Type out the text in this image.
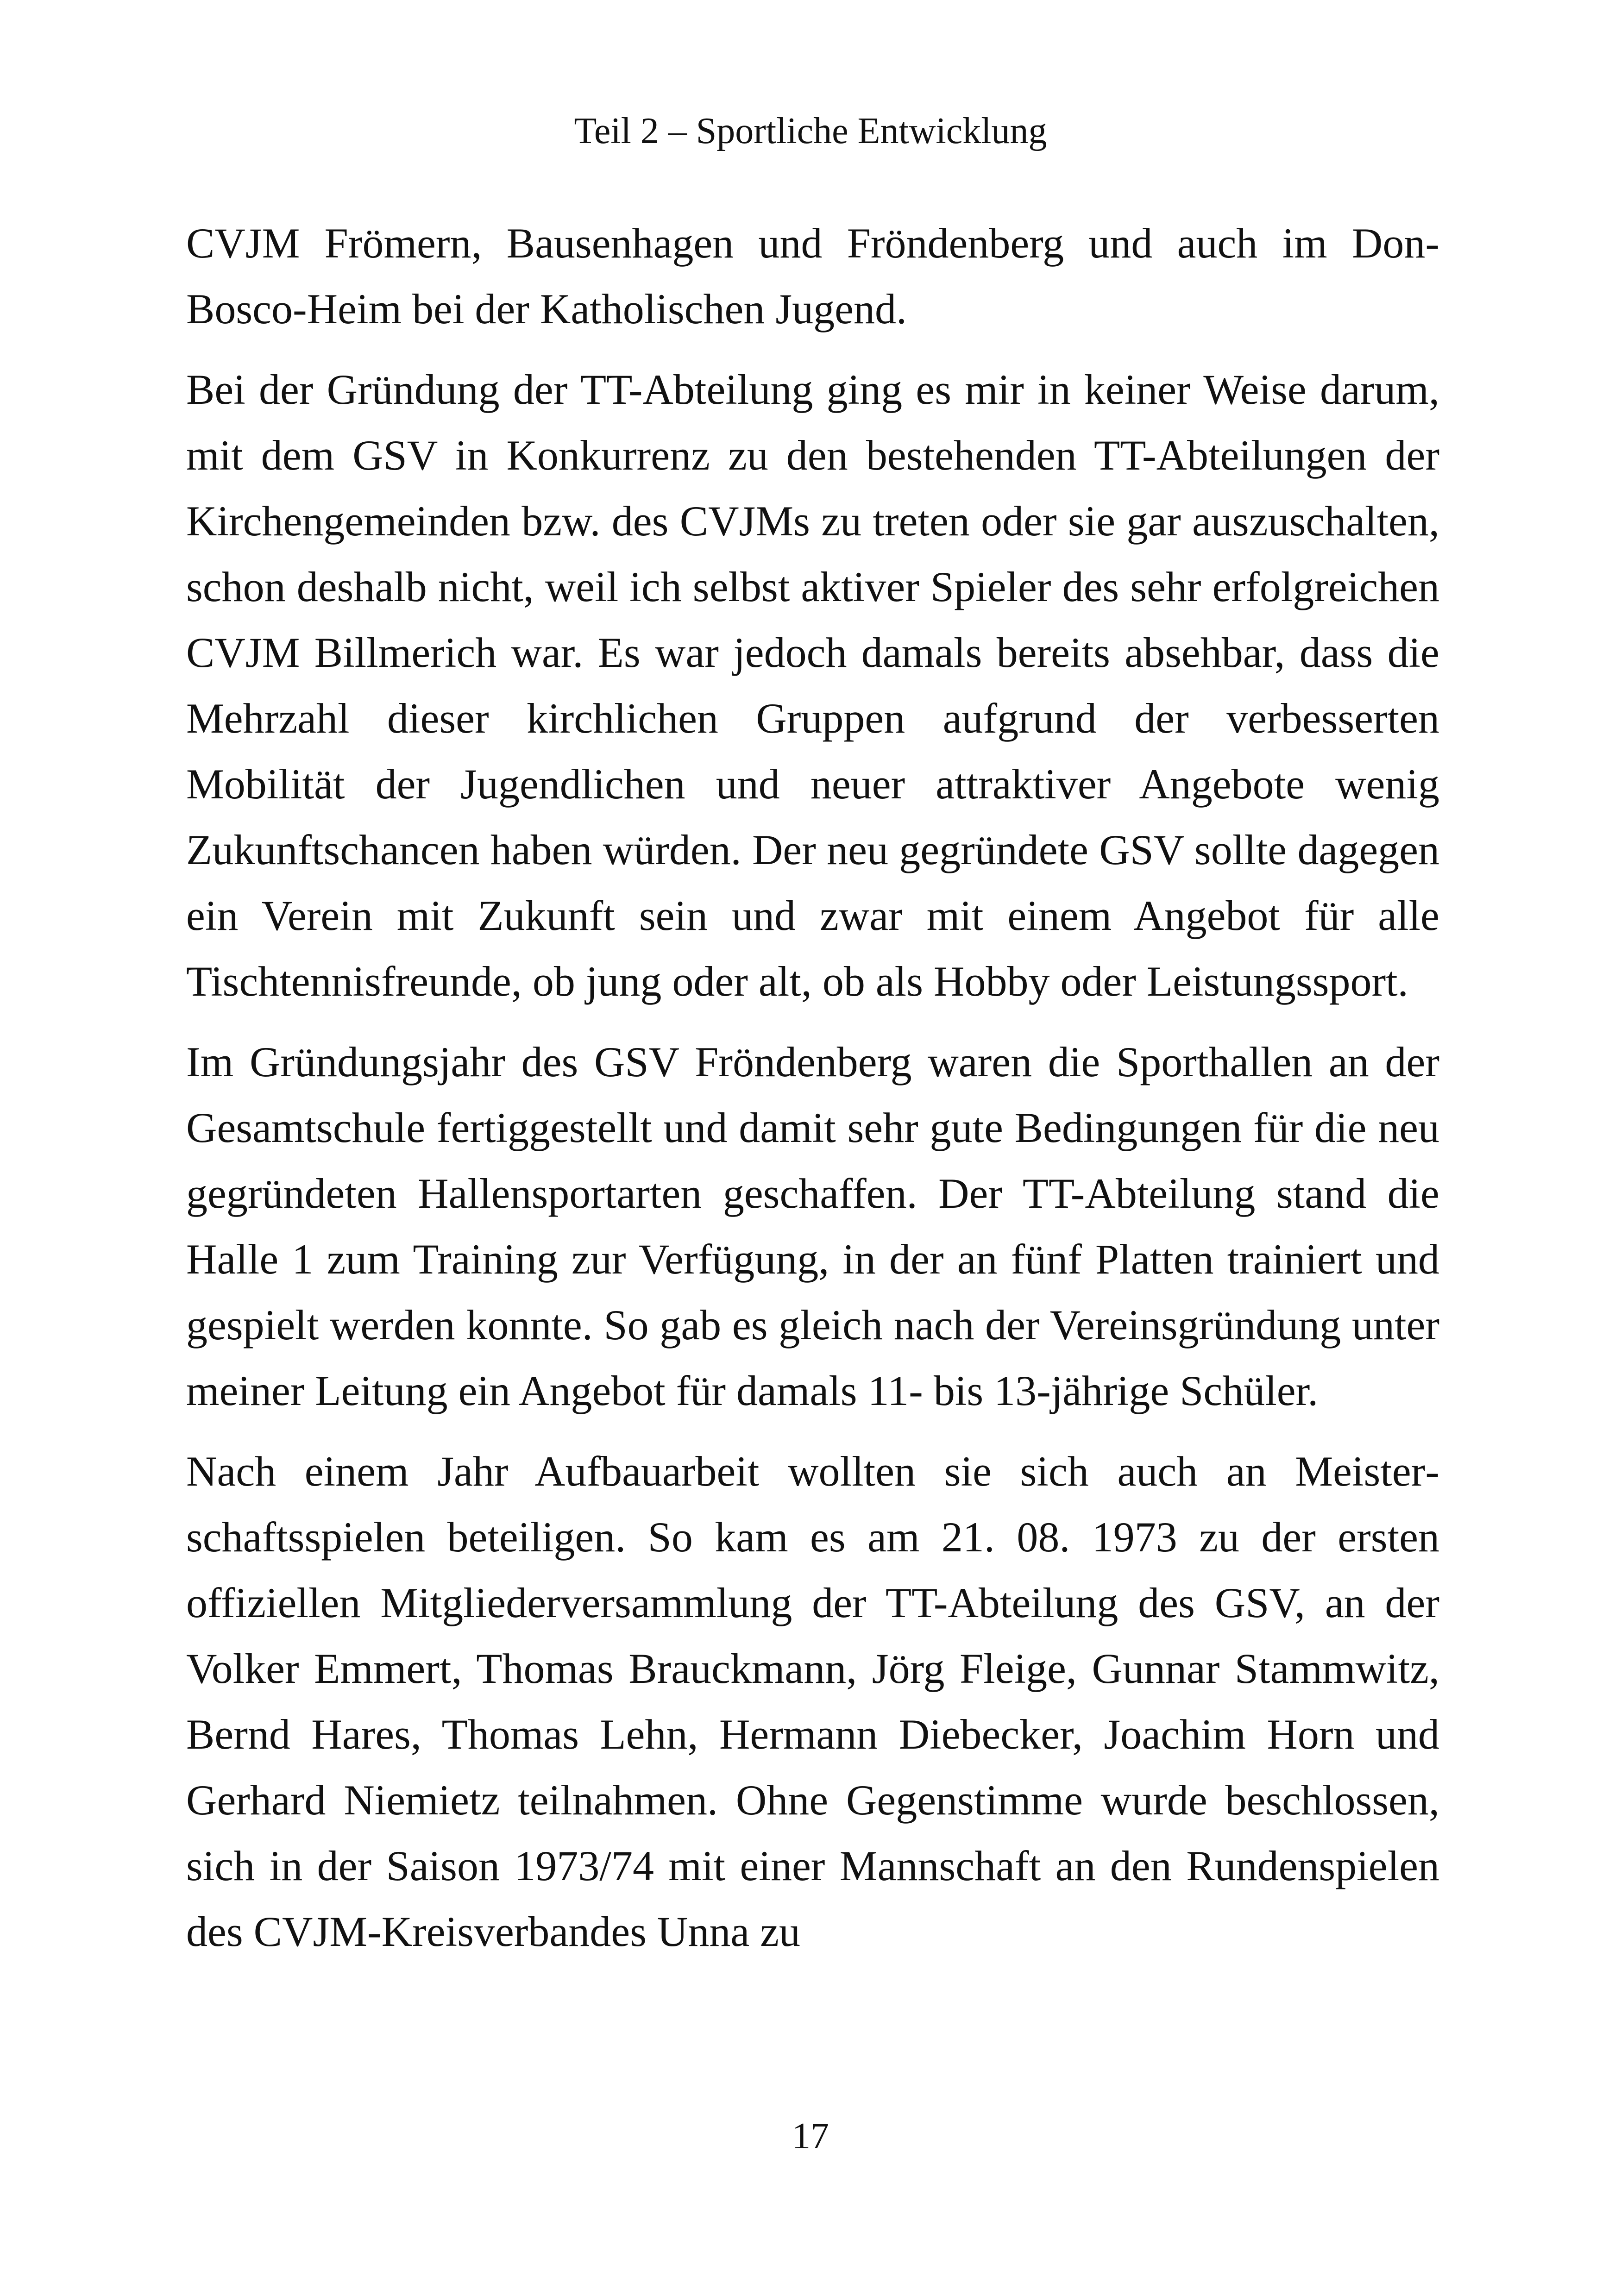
Teil 2 – Sportliche Entwicklung

CVJM Frömern, Bausenhagen und Fröndenberg und auch im Don-Bosco-Heim bei der Katholischen Jugend.

Bei der Gründung der TT-Abteilung ging es mir in keiner Weise darum, mit dem GSV in Konkurrenz zu den bestehenden TT-Abteilungen der Kirchengemeinden bzw. des CVJMs zu treten oder sie gar auszuschalten, schon deshalb nicht, weil ich selbst aktiver Spieler des sehr erfolgreichen CVJM Billmerich war. Es war jedoch damals bereits absehbar, dass die Mehrzahl dieser kirchlichen Gruppen aufgrund der verbesserten Mobilität der Jugendlichen und neuer attraktiver Angebote wenig Zukunftschancen haben würden. Der neu gegründete GSV sollte dagegen ein Verein mit Zukunft sein und zwar mit einem Angebot für alle Tischtennisfreunde, ob jung oder alt, ob als Hobby oder Leistungssport.

Im Gründungsjahr des GSV Fröndenberg waren die Sporthallen an der Gesamtschule fertiggestellt und damit sehr gute Bedingungen für die neu gegründeten Hallensportarten geschaffen. Der TT-Abteilung stand die Halle 1 zum Training zur Verfügung, in der an fünf Platten trainiert und gespielt werden konnte. So gab es gleich nach der Vereinsgründung unter meiner Leitung ein Angebot für damals 11- bis 13-jährige Schüler.

Nach einem Jahr Aufbauarbeit wollten sie sich auch an Meisterschaftsspielen beteiligen. So kam es am 21. 08. 1973 zu der ersten offiziellen Mitgliederversammlung der TT-Abteilung des GSV, an der Volker Emmert, Thomas Brauckmann, Jörg Fleige, Gunnar Stammwitz, Bernd Hares, Thomas Lehn, Hermann Diebecker, Joachim Horn und Gerhard Niemietz teilnahmen. Ohne Gegenstimme wurde beschlossen, sich in der Saison 1973/74 mit einer Mannschaft an den Rundenspielen des CVJM-Kreisverbandes Unna zu

17
